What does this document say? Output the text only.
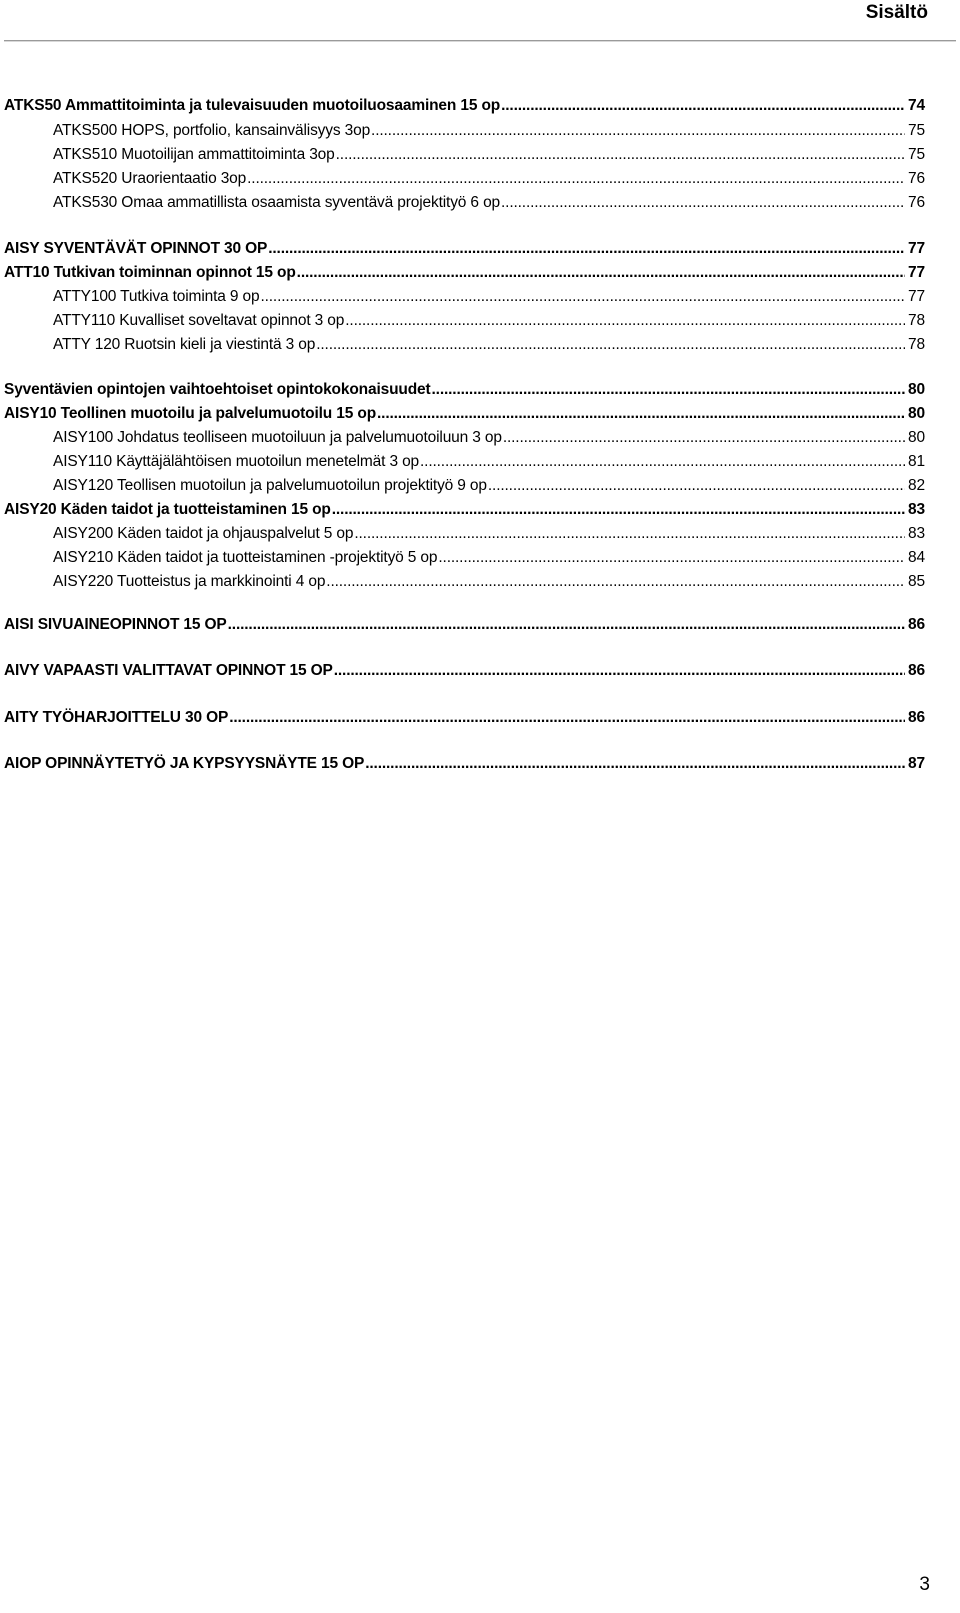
Sisältö
ATKS50 Ammattitoiminta ja tulevaisuuden muotoiluosaaminen 15 op .....	74
ATKS500 HOPS, portfolio, kansainvälisyys 3op .....	75
ATKS510 Muotoilijan ammattitoiminta 3op .....	75
ATKS520 Uraorientaatio 3op .....	76
ATKS530 Omaa ammatillista osaamista syventävä projektityö 6 op .....	76
AISY SYVENTÄVÄT OPINNOT 30 OP .....	77
ATT10 Tutkivan toiminnan opinnot 15 op .....	77
ATTY100 Tutkiva toiminta 9 op .....	77
ATTY110 Kuvalliset soveltavat opinnot 3 op .....	78
ATTY 120 Ruotsin kieli ja viestintä 3 op .....	78
Syventävien opintojen vaihtoehtoiset opintokokonaisuudet .....	80
AISY10 Teollinen muotoilu ja palvelumuotoilu 15 op .....	80
AISY100 Johdatus teolliseen muotoiluun ja palvelumuotoiluun 3 op .....	80
AISY110 Käyttäjälähtöisen muotoilun menetelmät 3 op .....	81
AISY120 Teollisen muotoilun ja palvelumuotoilun projektityö 9 op .....	82
AISY20 Käden taidot ja tuotteistaminen 15 op .....	83
AISY200 Käden taidot ja ohjauspalvelut 5 op .....	83
AISY210 Käden taidot ja tuotteistaminen -projektityö 5 op .....	84
AISY220 Tuotteistus ja markkinointi 4 op .....	85
AISI SIVUAINEOPINNOT 15 OP .....	86
AIVY VAPAASTI VALITTAVAT OPINNOT 15 OP .....	86
AITY TYÖHARJOITTELU 30 OP .....	86
AIOP OPINNÄYTETYÖ JA KYPSYYSNÄYTE 15 OP .....	87
3
